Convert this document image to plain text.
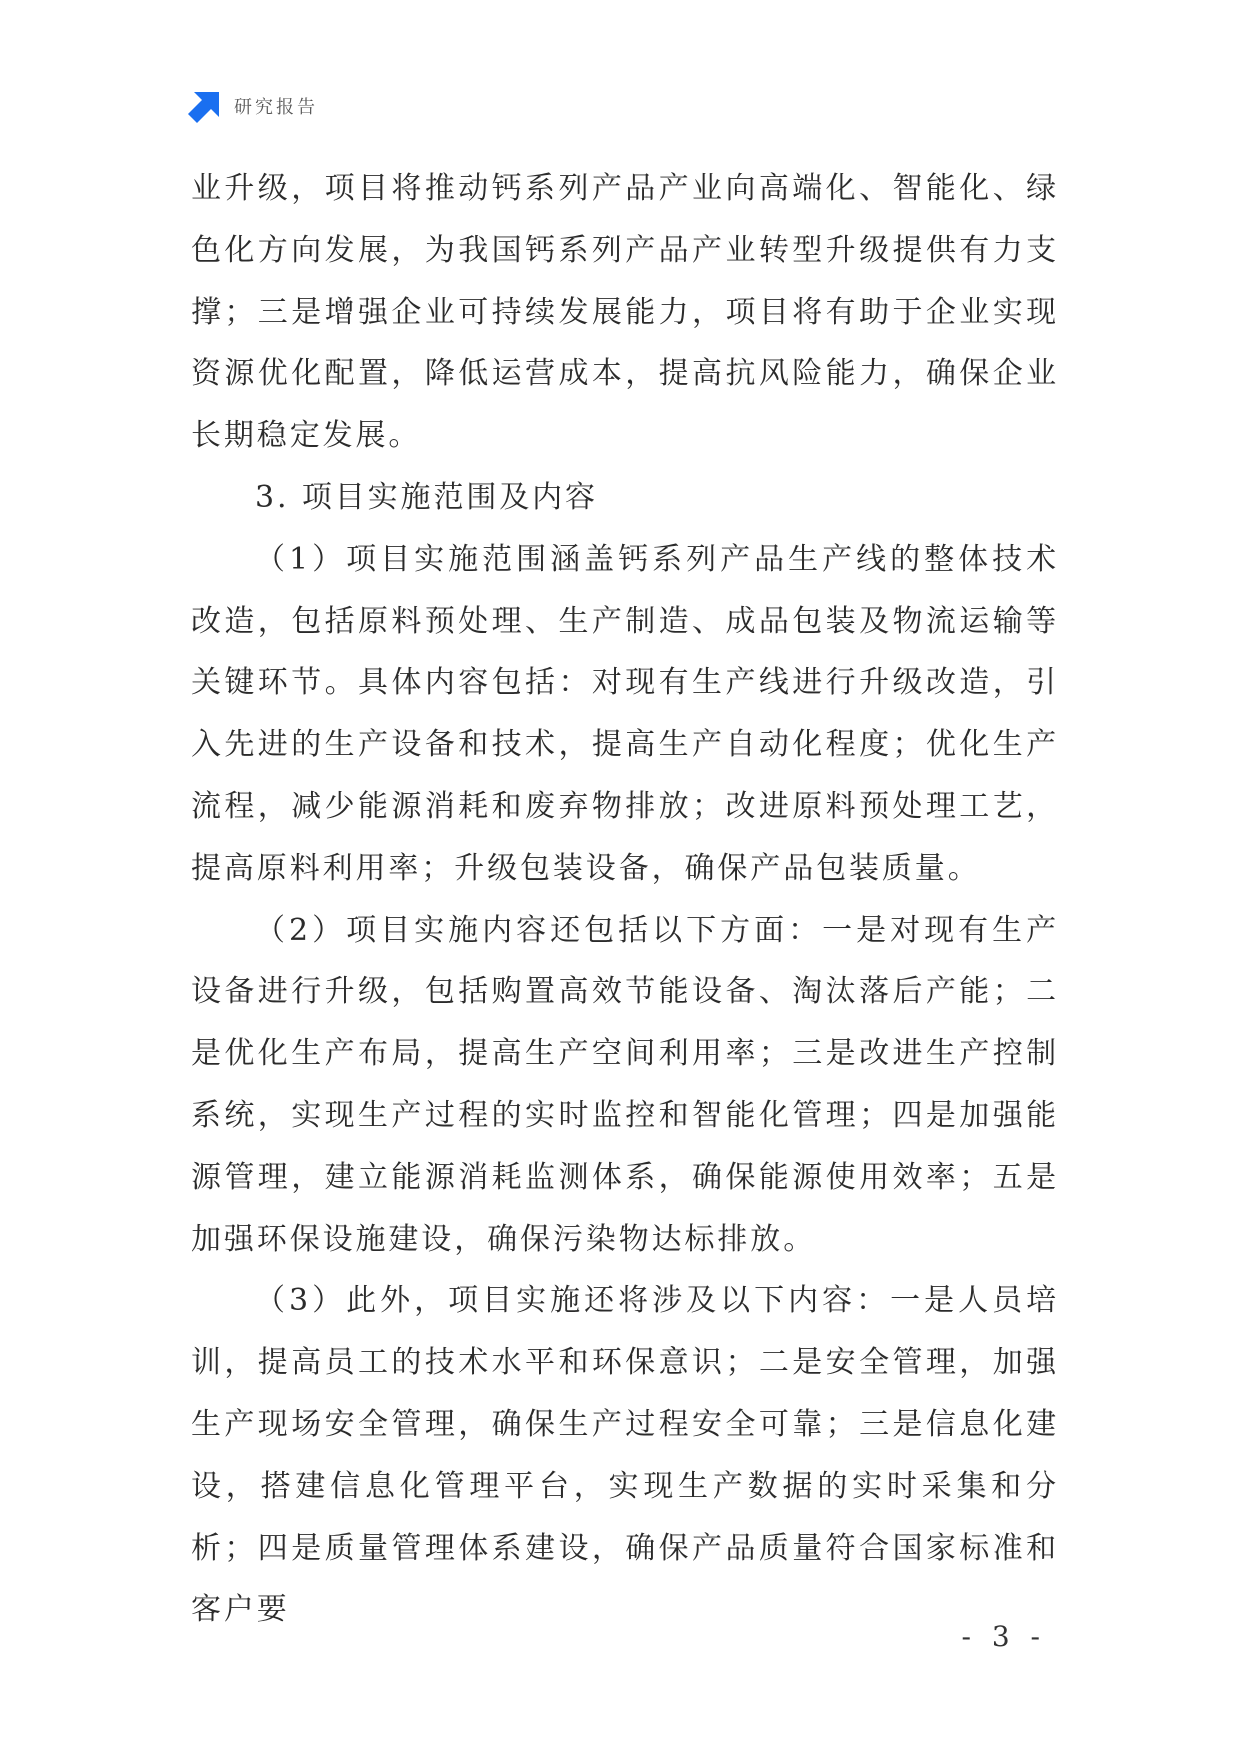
研究报告

业升级，项目将推动钙系列产品产业向高端化、智能化、绿色化方向发展，为我国钙系列产品产业转型升级提供有力支撑；三是增强企业可持续发展能力，项目将有助于企业实现资源优化配置，降低运营成本，提高抗风险能力，确保企业长期稳定发展。

3. 项目实施范围及内容

（1）项目实施范围涵盖钙系列产品生产线的整体技术改造，包括原料预处理、生产制造、成品包装及物流运输等关键环节。具体内容包括：对现有生产线进行升级改造，引入先进的生产设备和技术，提高生产自动化程度；优化生产流程，减少能源消耗和废弃物排放；改进原料预处理工艺，提高原料利用率；升级包装设备，确保产品包装质量。

（2）项目实施内容还包括以下方面：一是对现有生产设备进行升级，包括购置高效节能设备、淘汰落后产能；二是优化生产布局，提高生产空间利用率；三是改进生产控制系统，实现生产过程的实时监控和智能化管理；四是加强能源管理，建立能源消耗监测体系，确保能源使用效率；五是加强环保设施建设，确保污染物达标排放。

（3）此外，项目实施还将涉及以下内容：一是人员培训，提高员工的技术水平和环保意识；二是安全管理，加强生产现场安全管理，确保生产过程安全可靠；三是信息化建设，搭建信息化管理平台，实现生产数据的实时采集和分析；四是质量管理体系建设，确保产品质量符合国家标准和客户要

- 3 -
